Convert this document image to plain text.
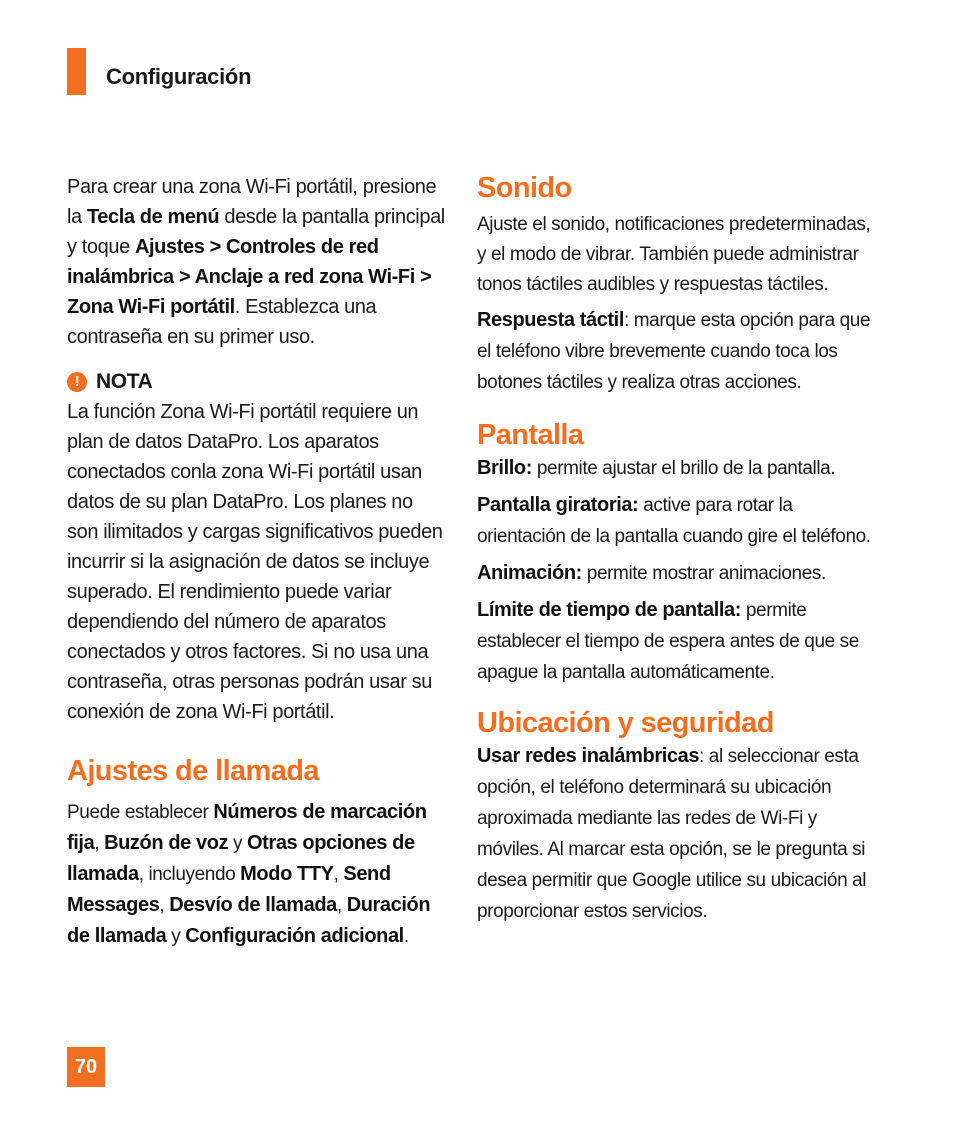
Configuración

Para crear una zona Wi-Fi portátil, presione la Tecla de menú desde la pantalla principal y toque Ajustes > Controles de red inalámbrica > Anclaje a red zona Wi-Fi > Zona Wi-Fi portátil. Establezca una contraseña en su primer uso.

! NOTA

La función Zona Wi-Fi portátil requiere un plan de datos DataPro. Los aparatos conectados conla zona Wi-Fi portátil usan datos de su plan DataPro. Los planes no son ilimitados y cargas significativos pueden incurrir si la asignación de datos se incluye superado. El rendimiento puede variar dependiendo del número de aparatos conectados y otros factores. Si no usa una contraseña, otras personas podrán usar su conexión de zona Wi-Fi portátil.

Ajustes de llamada

Puede establecer Números de marcación fija, Buzón de voz y Otras opciones de llamada, incluyendo Modo TTY, Send Messages, Desvío de llamada, Duración de llamada y Configuración adicional.

Sonido

Ajuste el sonido, notificaciones predeterminadas, y el modo de vibrar. También puede administrar tonos táctiles audibles y respuestas táctiles.

Respuesta táctil: marque esta opción para que el teléfono vibre brevemente cuando toca los botones táctiles y realiza otras acciones.

Pantalla

Brillo: permite ajustar el brillo de la pantalla.

Pantalla giratoria: active para rotar la orientación de la pantalla cuando gire el teléfono.

Animación: permite mostrar animaciones.

Límite de tiempo de pantalla: permite establecer el tiempo de espera antes de que se apague la pantalla automáticamente.

Ubicación y seguridad

Usar redes inalámbricas: al seleccionar esta opción, el teléfono determinará su ubicación aproximada mediante las redes de Wi-Fi y móviles. Al marcar esta opción, se le pregunta si desea permitir que Google utilice su ubicación al proporcionar estos servicios.

70
